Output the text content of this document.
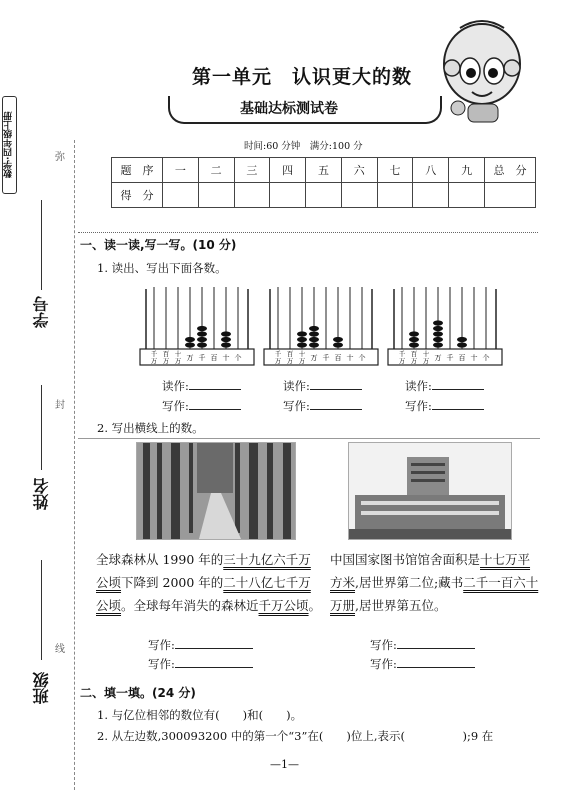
数学·四年级上册	弥
封
线
学号
姓名
班级
第一单元　认识更大的数
基础达标测试卷
时间:60 分钟　满分:100 分
题　序	一	二	三	四	五	六	七	八	九	总　分
得　分										
一、读一读,写一写。(10 分)
1. 读出、写出下面各数。
千
万
百
万
十
万 万 千 百 十 个	千
万
百
万
十
万 万 千 百 十 个	千
万
百
万
十
万 万 千 百 十 个
读作:
写作:
读作:
写作:
读作:
写作:
2. 写出横线上的数。
全球森林从 1990 年的三十九亿六千万公顷下降到 2000 年的二十八亿七千万公顷。全球每年消失的森林近千万公顷。
中国国家图书馆馆舍面积是十七万平方米,居世界第二位;藏书二千一百六十万册,居世界第五位。
写作:
写作:
写作:
写作:
二、填一填。(24 分)
1. 与亿位相邻的数位有(　　)和(　　)。
2. 从左边数,300093200 中的第一个“3”在(　　)位上,表示(　　　　　);9 在
—1—
